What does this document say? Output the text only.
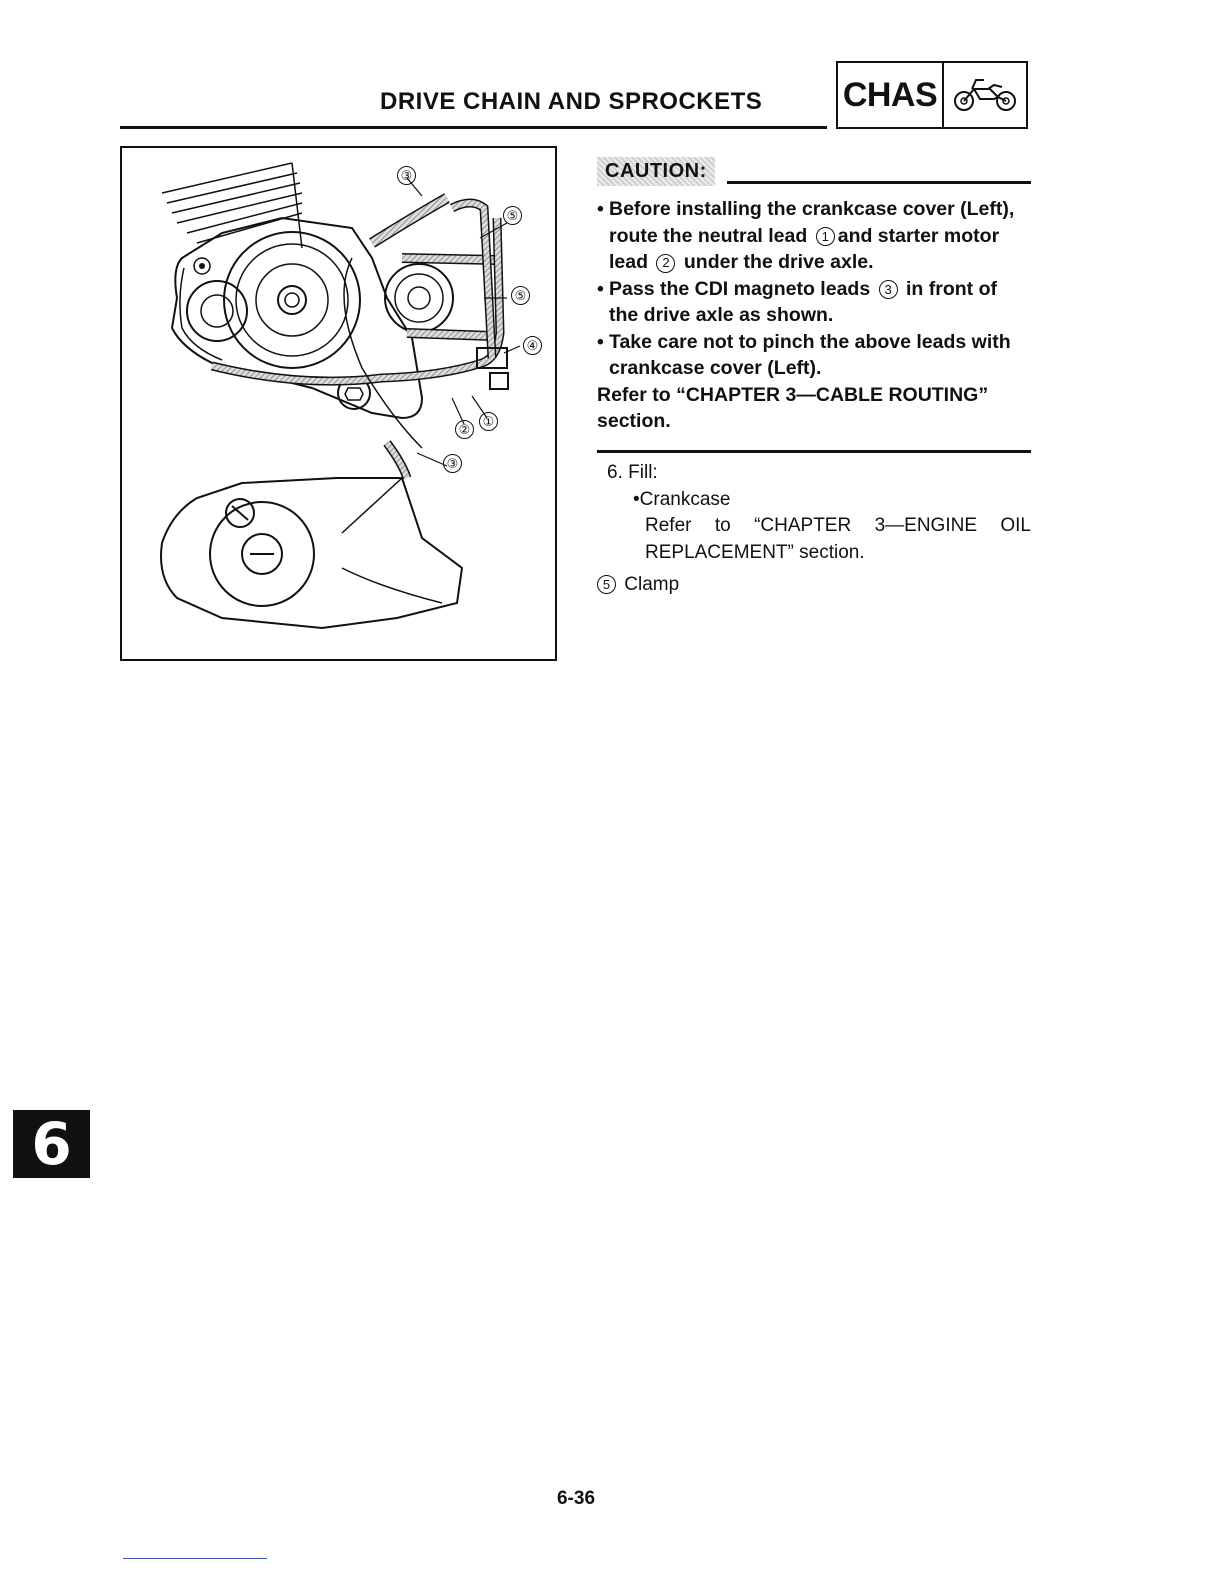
DRIVE CHAIN AND SPROCKETS	CHAS
③
⑤
⑤
④
②
①
③
CAUTION:
• Before installing the crankcase cover (Left),
route the neutral lead 1 and starter motor
lead 2 under the drive axle.
• Pass the CDI magneto leads 3 in front of
the drive axle as shown.
• Take care not to pinch the above leads with
crankcase cover (Left).
Refer to “CHAPTER 3—CABLE ROUTING”
section.
6. Fill:
•Crankcase
Refer to “CHAPTER 3—ENGINE OIL
REPLACEMENT” section.
5 Clamp
6
6-36
